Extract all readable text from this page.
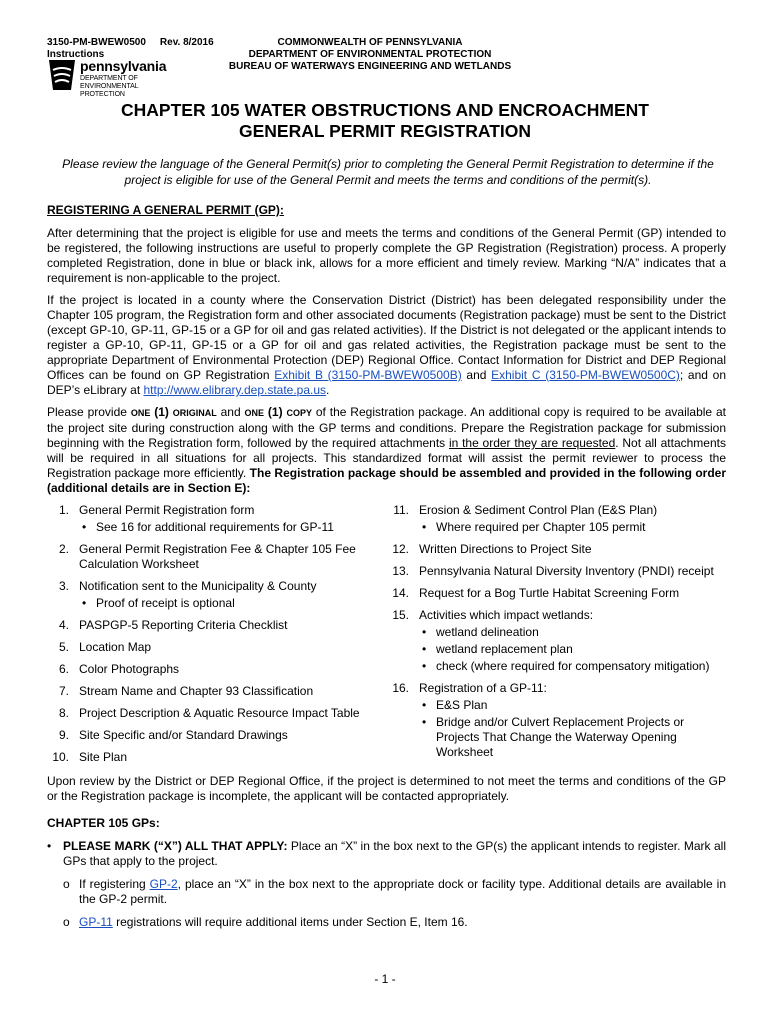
3150-PM-BWEW0500 Rev. 8/2016
Instructions
pennsylvania
DEPARTMENT OF ENVIRONMENTAL
PROTECTION
COMMONWEALTH OF PENNSYLVANIA
DEPARTMENT OF ENVIRONMENTAL PROTECTION
BUREAU OF WATERWAYS ENGINEERING AND WETLANDS
CHAPTER 105 WATER OBSTRUCTIONS AND ENCROACHMENT
GENERAL PERMIT REGISTRATION
Please review the language of the General Permit(s) prior to completing the General Permit Registration to determine if the project is eligible for use of the General Permit and meets the terms and conditions of the permit(s).
REGISTERING A GENERAL PERMIT (GP):
After determining that the project is eligible for use and meets the terms and conditions of the General Permit (GP) intended to be registered, the following instructions are useful to properly complete the GP Registration (Registration) process. A properly completed Registration, done in blue or black ink, allows for a more efficient and timely review. Marking “N/A” indicates that a requirement is non-applicable to the project.
If the project is located in a county where the Conservation District (District) has been delegated responsibility under the Chapter 105 program, the Registration form and other associated documents (Registration package) must be sent to the District (except GP-10, GP-11, GP-15 or a GP for oil and gas related activities). If the District is not delegated or the applicant intends to register a GP-10, GP-11, GP-15 or a GP for oil and gas related activities, the Registration package must be sent to the appropriate Department of Environmental Protection (DEP) Regional Office. Contact Information for District and DEP Regional Offices can be found on GP Registration Exhibit B (3150-PM-BWEW0500B) and Exhibit C (3150-PM-BWEW0500C); and on DEP’s eLibrary at http://www.elibrary.dep.state.pa.us.
Please provide ONE (1) ORIGINAL and ONE (1) COPY of the Registration package. An additional copy is required to be available at the project site during construction along with the GP terms and conditions. Prepare the Registration package for submission beginning with the Registration form, followed by the required attachments in the order they are requested. Not all attachments will be required in all situations for all projects. This standardized format will assist the permit reviewer to process the Registration package more efficiently. The Registration package should be assembled and provided in the following order (additional details are in Section E):
1. General Permit Registration form
• See 16 for additional requirements for GP-11
2. General Permit Registration Fee & Chapter 105 Fee Calculation Worksheet
3. Notification sent to the Municipality & County
• Proof of receipt is optional
4. PASPGP-5 Reporting Criteria Checklist
5. Location Map
6. Color Photographs
7. Stream Name and Chapter 93 Classification
8. Project Description & Aquatic Resource Impact Table
9. Site Specific and/or Standard Drawings
10. Site Plan
11. Erosion & Sediment Control Plan (E&S Plan)
• Where required per Chapter 105 permit
12. Written Directions to Project Site
13. Pennsylvania Natural Diversity Inventory (PNDI) receipt
14. Request for a Bog Turtle Habitat Screening Form
15. Activities which impact wetlands:
• wetland delineation
• wetland replacement plan
• check (where required for compensatory mitigation)
16. Registration of a GP-11:
• E&S Plan
• Bridge and/or Culvert Replacement Projects or Projects That Change the Waterway Opening Worksheet
Upon review by the District or DEP Regional Office, if the project is determined to not meet the terms and conditions of the GP or the Registration package is incomplete, the applicant will be contacted appropriately.
CHAPTER 105 GPs:
• PLEASE MARK (“X”) ALL THAT APPLY: Place an “X” in the box next to the GP(s) the applicant intends to register. Mark all GPs that apply to the project.
o If registering GP-2, place an “X” in the box next to the appropriate dock or facility type. Additional details are available in the GP-2 permit.
o GP-11 registrations will require additional items under Section E, Item 16.
- 1 -
